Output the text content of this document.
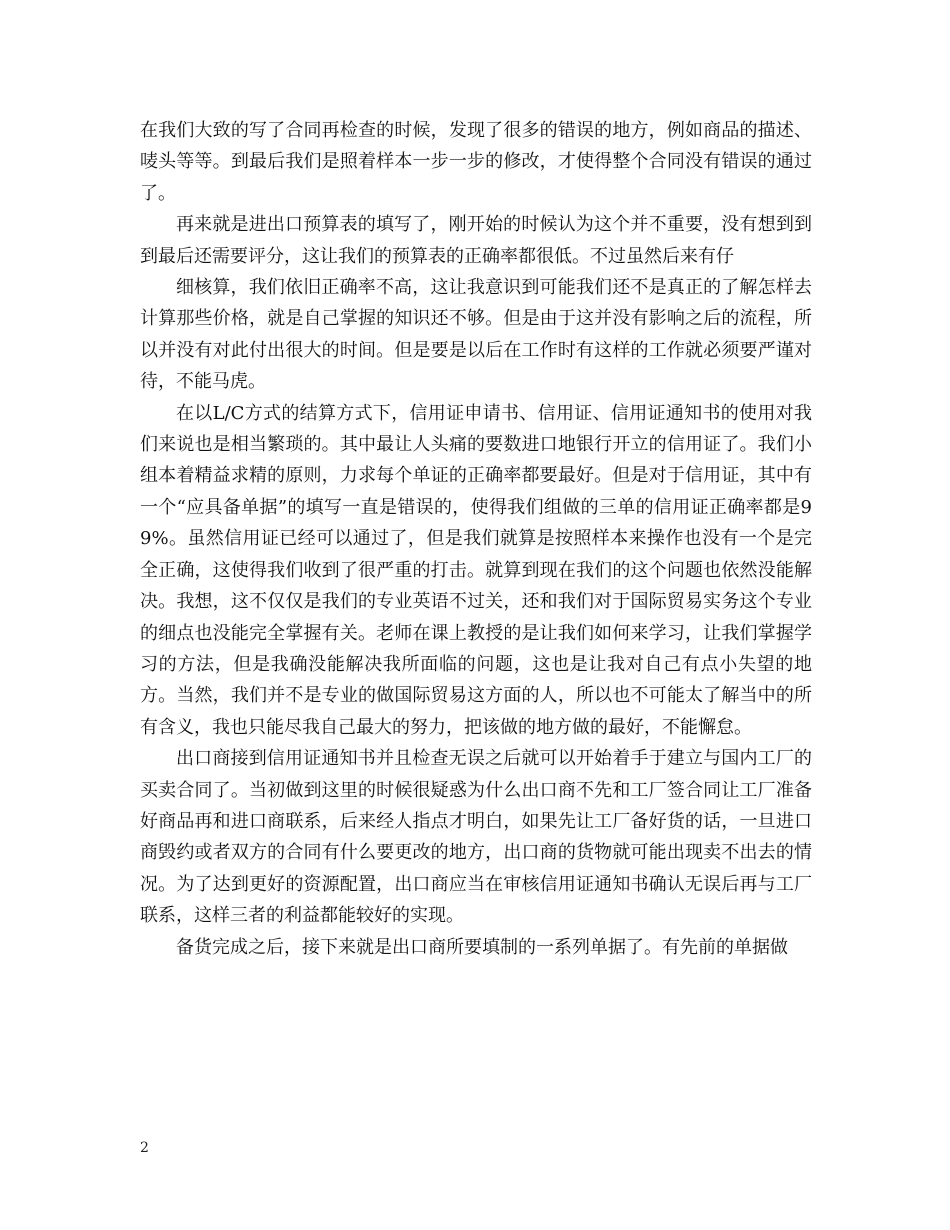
在我们大致的写了合同再检查的时候，发现了很多的错误的地方，例如商品的描述、唛头等等。到最后我们是照着样本一步一步的修改，才使得整个合同没有错误的通过了。

再来就是进出口预算表的填写了，刚开始的时候认为这个并不重要，没有想到到到最后还需要评分，这让我们的预算表的正确率都很低。不过虽然后来有仔

细核算，我们依旧正确率不高，这让我意识到可能我们还不是真正的了解怎样去计算那些价格，就是自己掌握的知识还不够。但是由于这并没有影响之后的流程，所以并没有对此付出很大的时间。但是要是以后在工作时有这样的工作就必须要严谨对待，不能马虎。

在以L/C方式的结算方式下，信用证申请书、信用证、信用证通知书的使用对我们来说也是相当繁琐的。其中最让人头痛的要数进口地银行开立的信用证了。我们小组本着精益求精的原则，力求每个单证的正确率都要最好。但是对于信用证，其中有一个“应具备单据”的填写一直是错误的，使得我们组做的三单的信用证正确率都是99%。虽然信用证已经可以通过了，但是我们就算是按照样本来操作也没有一个是完全正确，这使得我们收到了很严重的打击。就算到现在我们的这个问题也依然没能解决。我想，这不仅仅是我们的专业英语不过关，还和我们对于国际贸易实务这个专业的细点也没能完全掌握有关。老师在课上教授的是让我们如何来学习，让我们掌握学习的方法，但是我确没能解决我所面临的问题，这也是让我对自己有点小失望的地方。当然，我们并不是专业的做国际贸易这方面的人，所以也不可能太了解当中的所有含义，我也只能尽我自己最大的努力，把该做的地方做的最好，不能懈怠。

出口商接到信用证通知书并且检查无误之后就可以开始着手于建立与国内工厂的买卖合同了。当初做到这里的时候很疑惑为什么出口商不先和工厂签合同让工厂准备好商品再和进口商联系，后来经人指点才明白，如果先让工厂备好货的话，一旦进口商毁约或者双方的合同有什么要更改的地方，出口商的货物就可能出现卖不出去的情况。为了达到更好的资源配置，出口商应当在审核信用证通知书确认无误后再与工厂联系，这样三者的利益都能较好的实现。

备货完成之后，接下来就是出口商所要填制的一系列单据了。有先前的单据做

2
